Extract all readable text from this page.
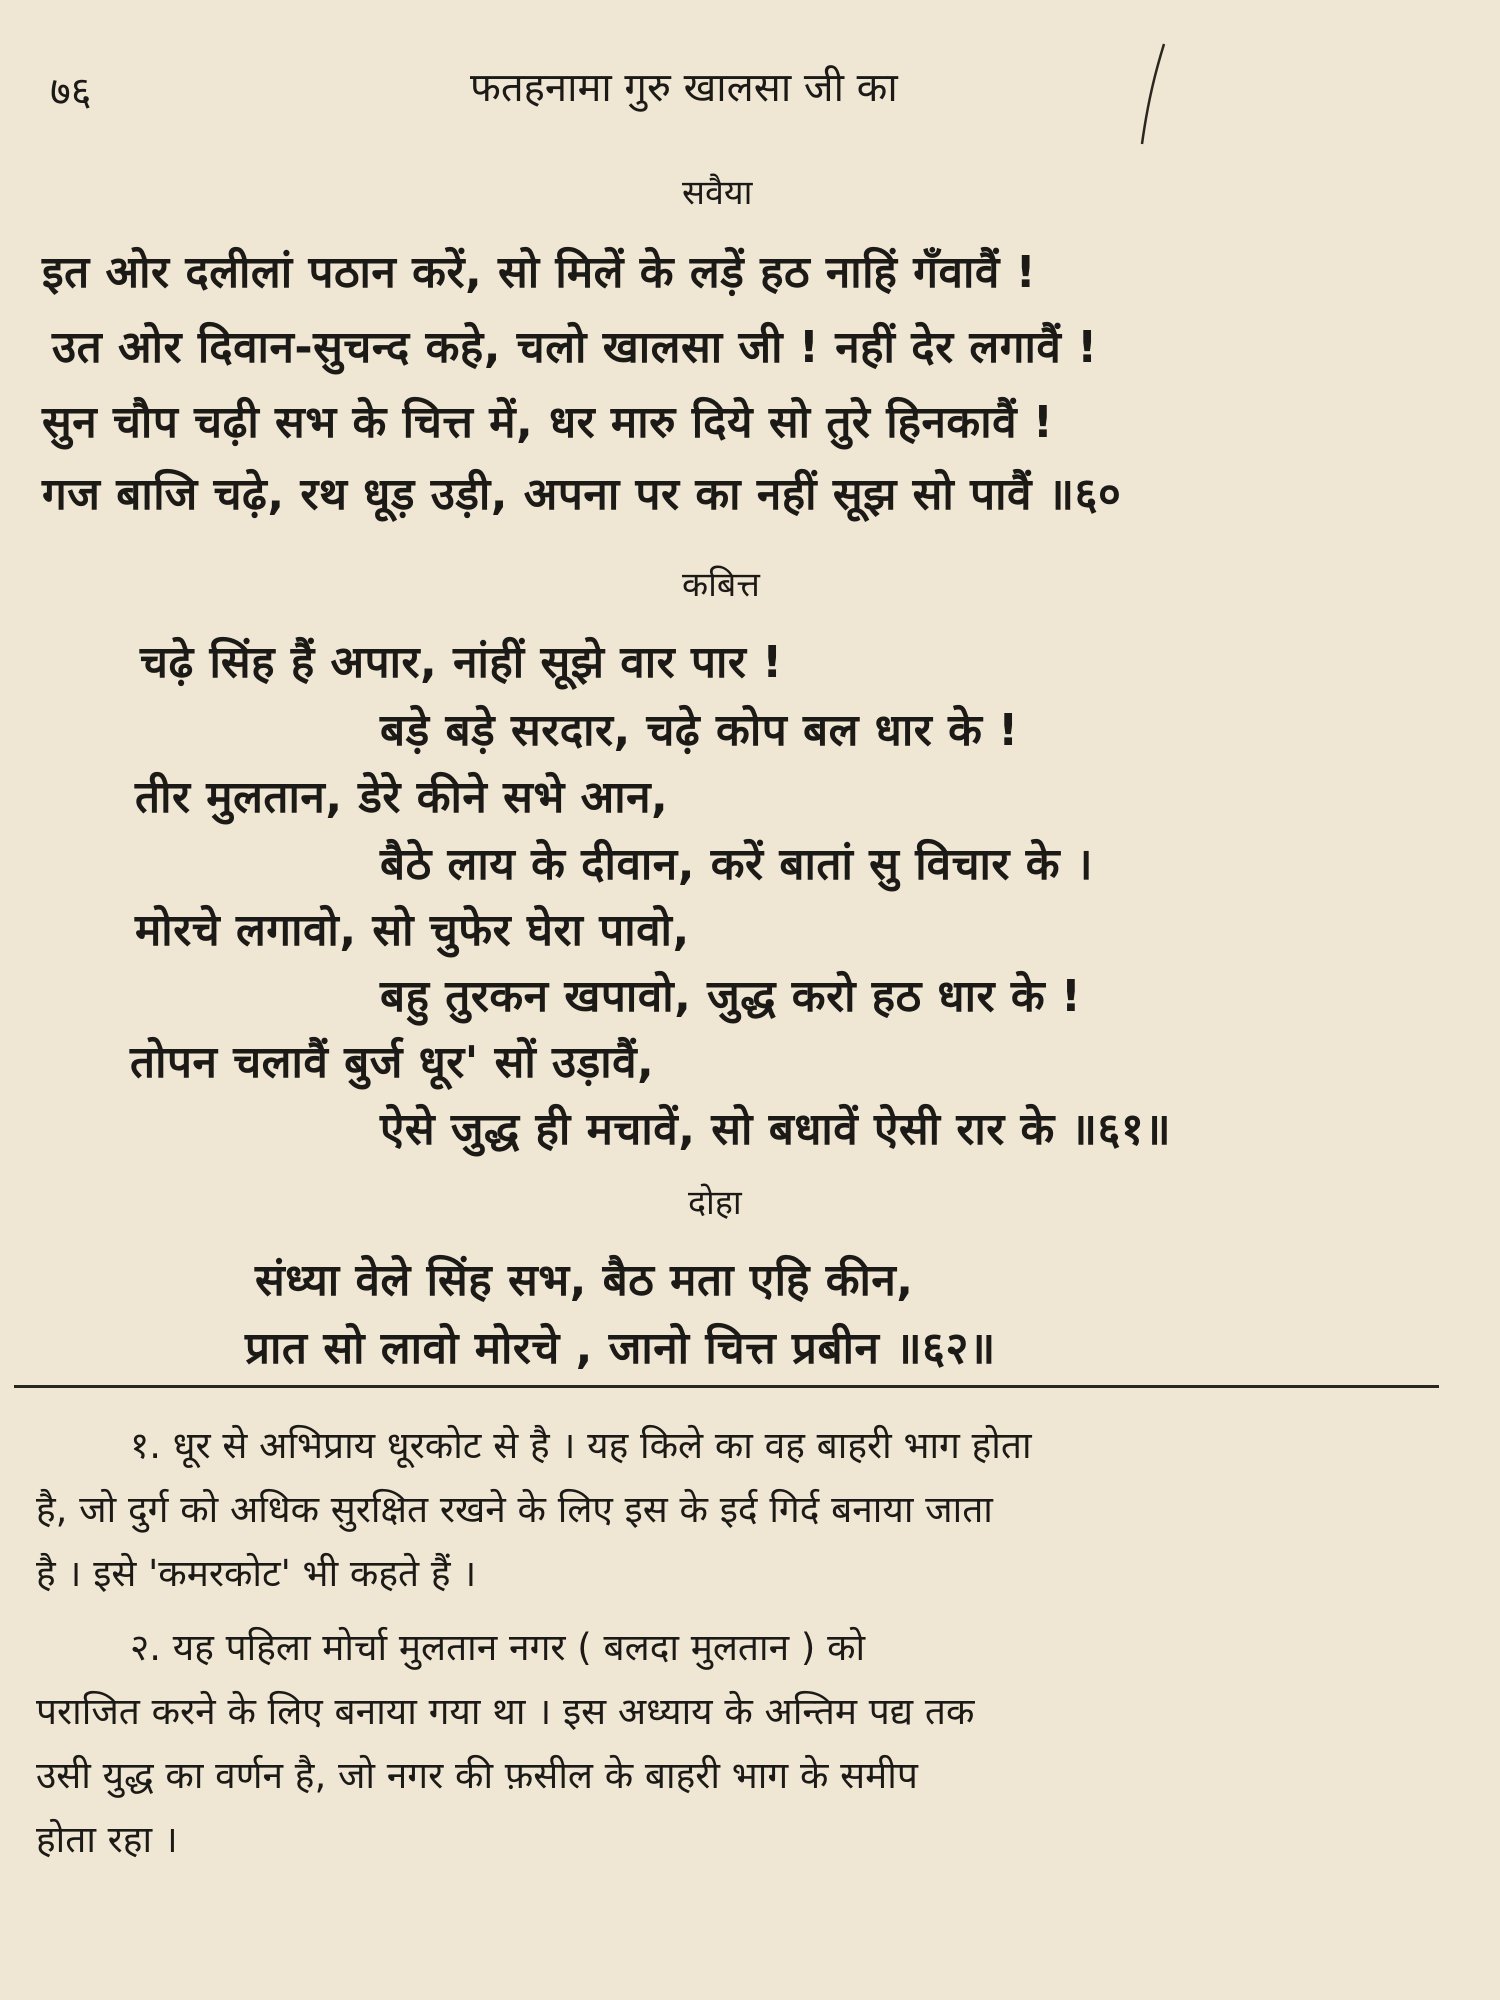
७६	फतहनामा गुरु खालसा जी का
सवैया
इत ओर दलीलां पठान करें, सो मिलें के लड़ें हठ नाहिं गँवावैं !
उत ओर दिवान-सुचन्द कहे, चलो खालसा जी ! नहीं देर लगावैं !
सुन चौप चढ़ी सभ के चित्त में, धर मारु दिये सो तुरे हिनकावैं !
गज बाजि चढ़े, रथ धूड़ उड़ी, अपना पर का नहीं सूझ सो पावैं ॥६०
कबित्त
चढ़े सिंह हैं अपार, नांहीं सूझे वार पार !
बड़े बड़े सरदार, चढ़े कोप बल धार के !
तीर मुलतान, डेरे कीने सभे आन,
बैठे लाय के दीवान, करें बातां सु विचार के ।
मोरचे लगावो, सो चुफेर घेरा पावो,
बहु तुरकन खपावो, जुद्ध करो हठ धार के !
तोपन चलावैं बुर्ज धूर' सों उड़ावैं,
ऐसे जुद्ध ही मचावें, सो बधावें ऐसी रार के ॥६१॥
दोहा
संध्या वेले सिंह सभ, बैठ मता एहि कीन,
प्रात सो लावो मोरचे , जानो चित्त प्रबीन ॥६२॥
१. धूर से अभिप्राय धूरकोट से है । यह किले का वह बाहरी भाग होता
है, जो दुर्ग को अधिक सुरक्षित रखने के लिए इस के इर्द गिर्द बनाया जाता
है । इसे 'कमरकोट' भी कहते हैं ।
२. यह पहिला मोर्चा मुलतान नगर ( बलदा मुलतान ) को
पराजित करने के लिए बनाया गया था । इस अध्याय के अन्तिम पद्य तक
उसी युद्ध का वर्णन है, जो नगर की फ़सील के बाहरी भाग के समीप
होता रहा ।
